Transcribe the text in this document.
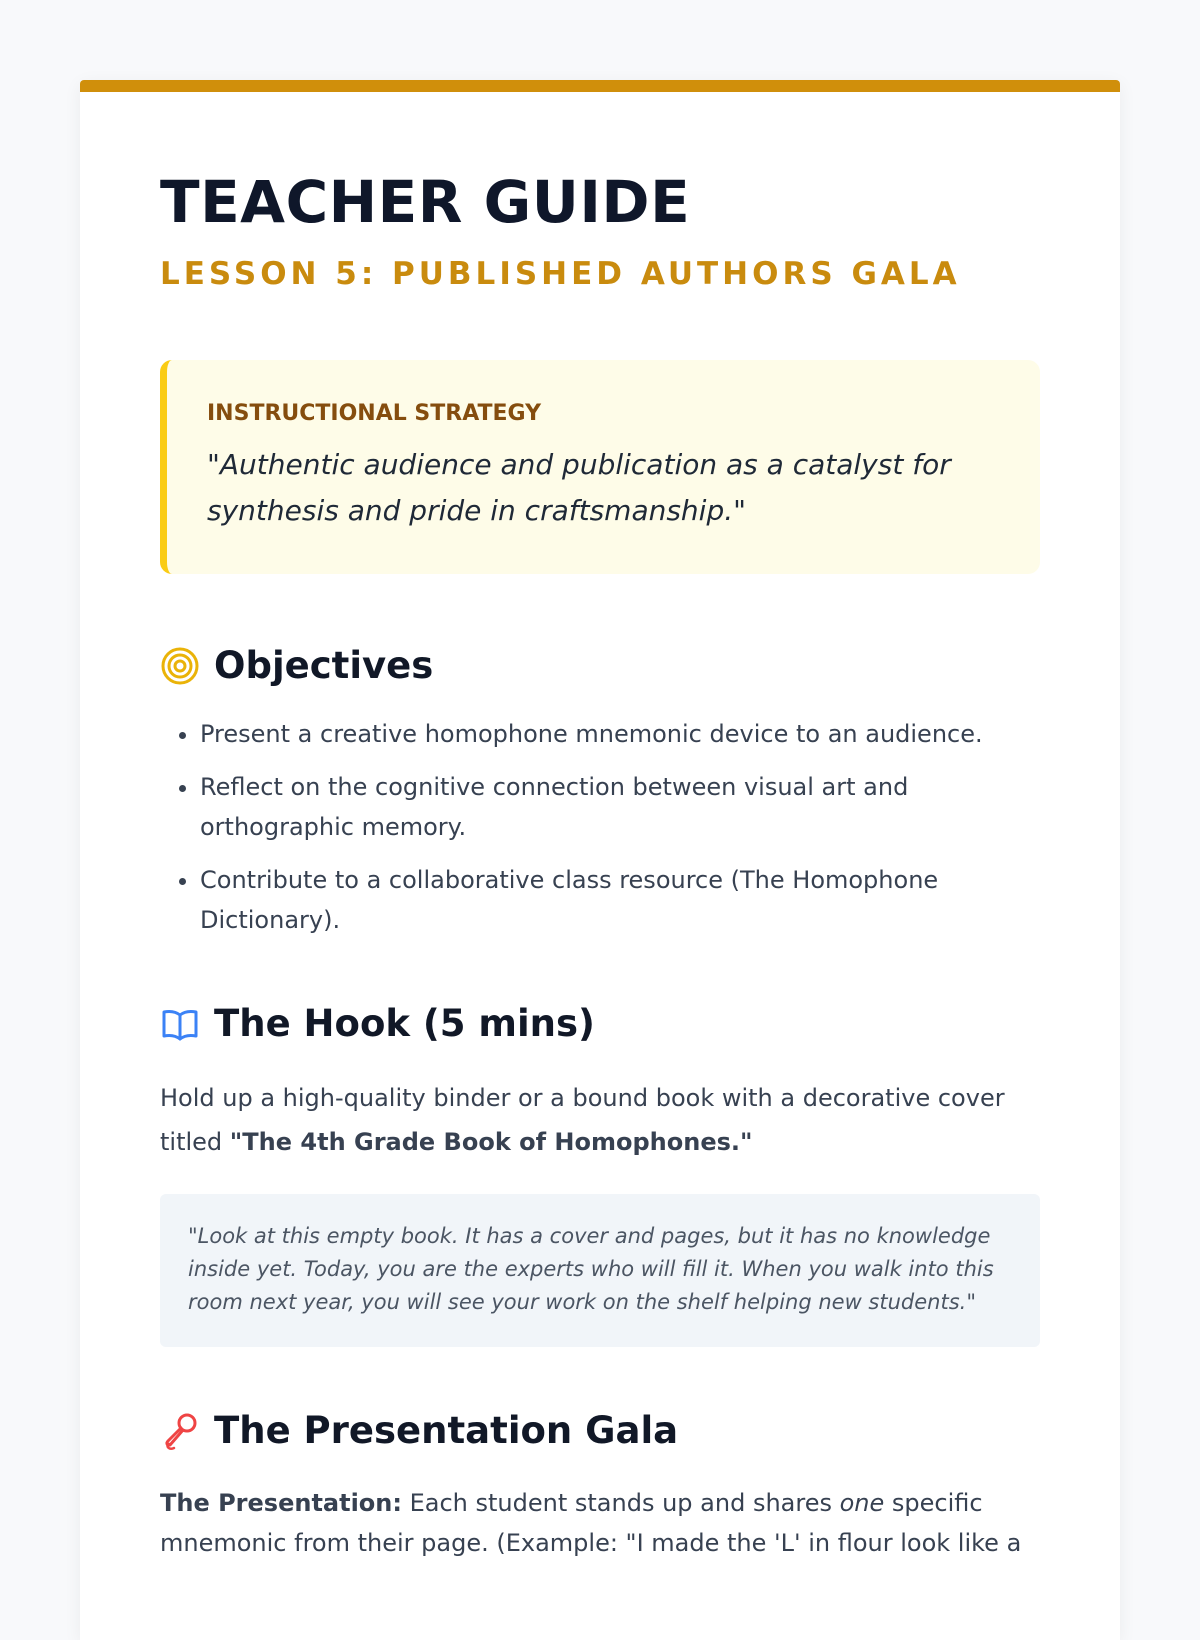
TEACHER GUIDE
LESSON 5: PUBLISHED AUTHORS GALA
INSTRUCTIONAL STRATEGY
"Authentic audience and publication as a catalyst for synthesis and pride in craftsmanship."
Objectives
• Present a creative homophone mnemonic device to an audience.
• Reflect on the cognitive connection between visual art and orthographic memory.
• Contribute to a collaborative class resource (The Homophone Dictionary).
The Hook (5 mins)

Hold up a high-quality binder or a bound book with a decorative cover titled "The 4th Grade Book of Homophones."

"Look at this empty book. It has a cover and pages, but it has no knowledge inside yet. Today, you are the experts who will fill it. When you walk into this room next year, you will see your work on the shelf helping new students."

The Presentation Gala

The Presentation: Each student stands up and shares one specific mnemonic from their page. (Example: "I made the 'L' in flour look like a
